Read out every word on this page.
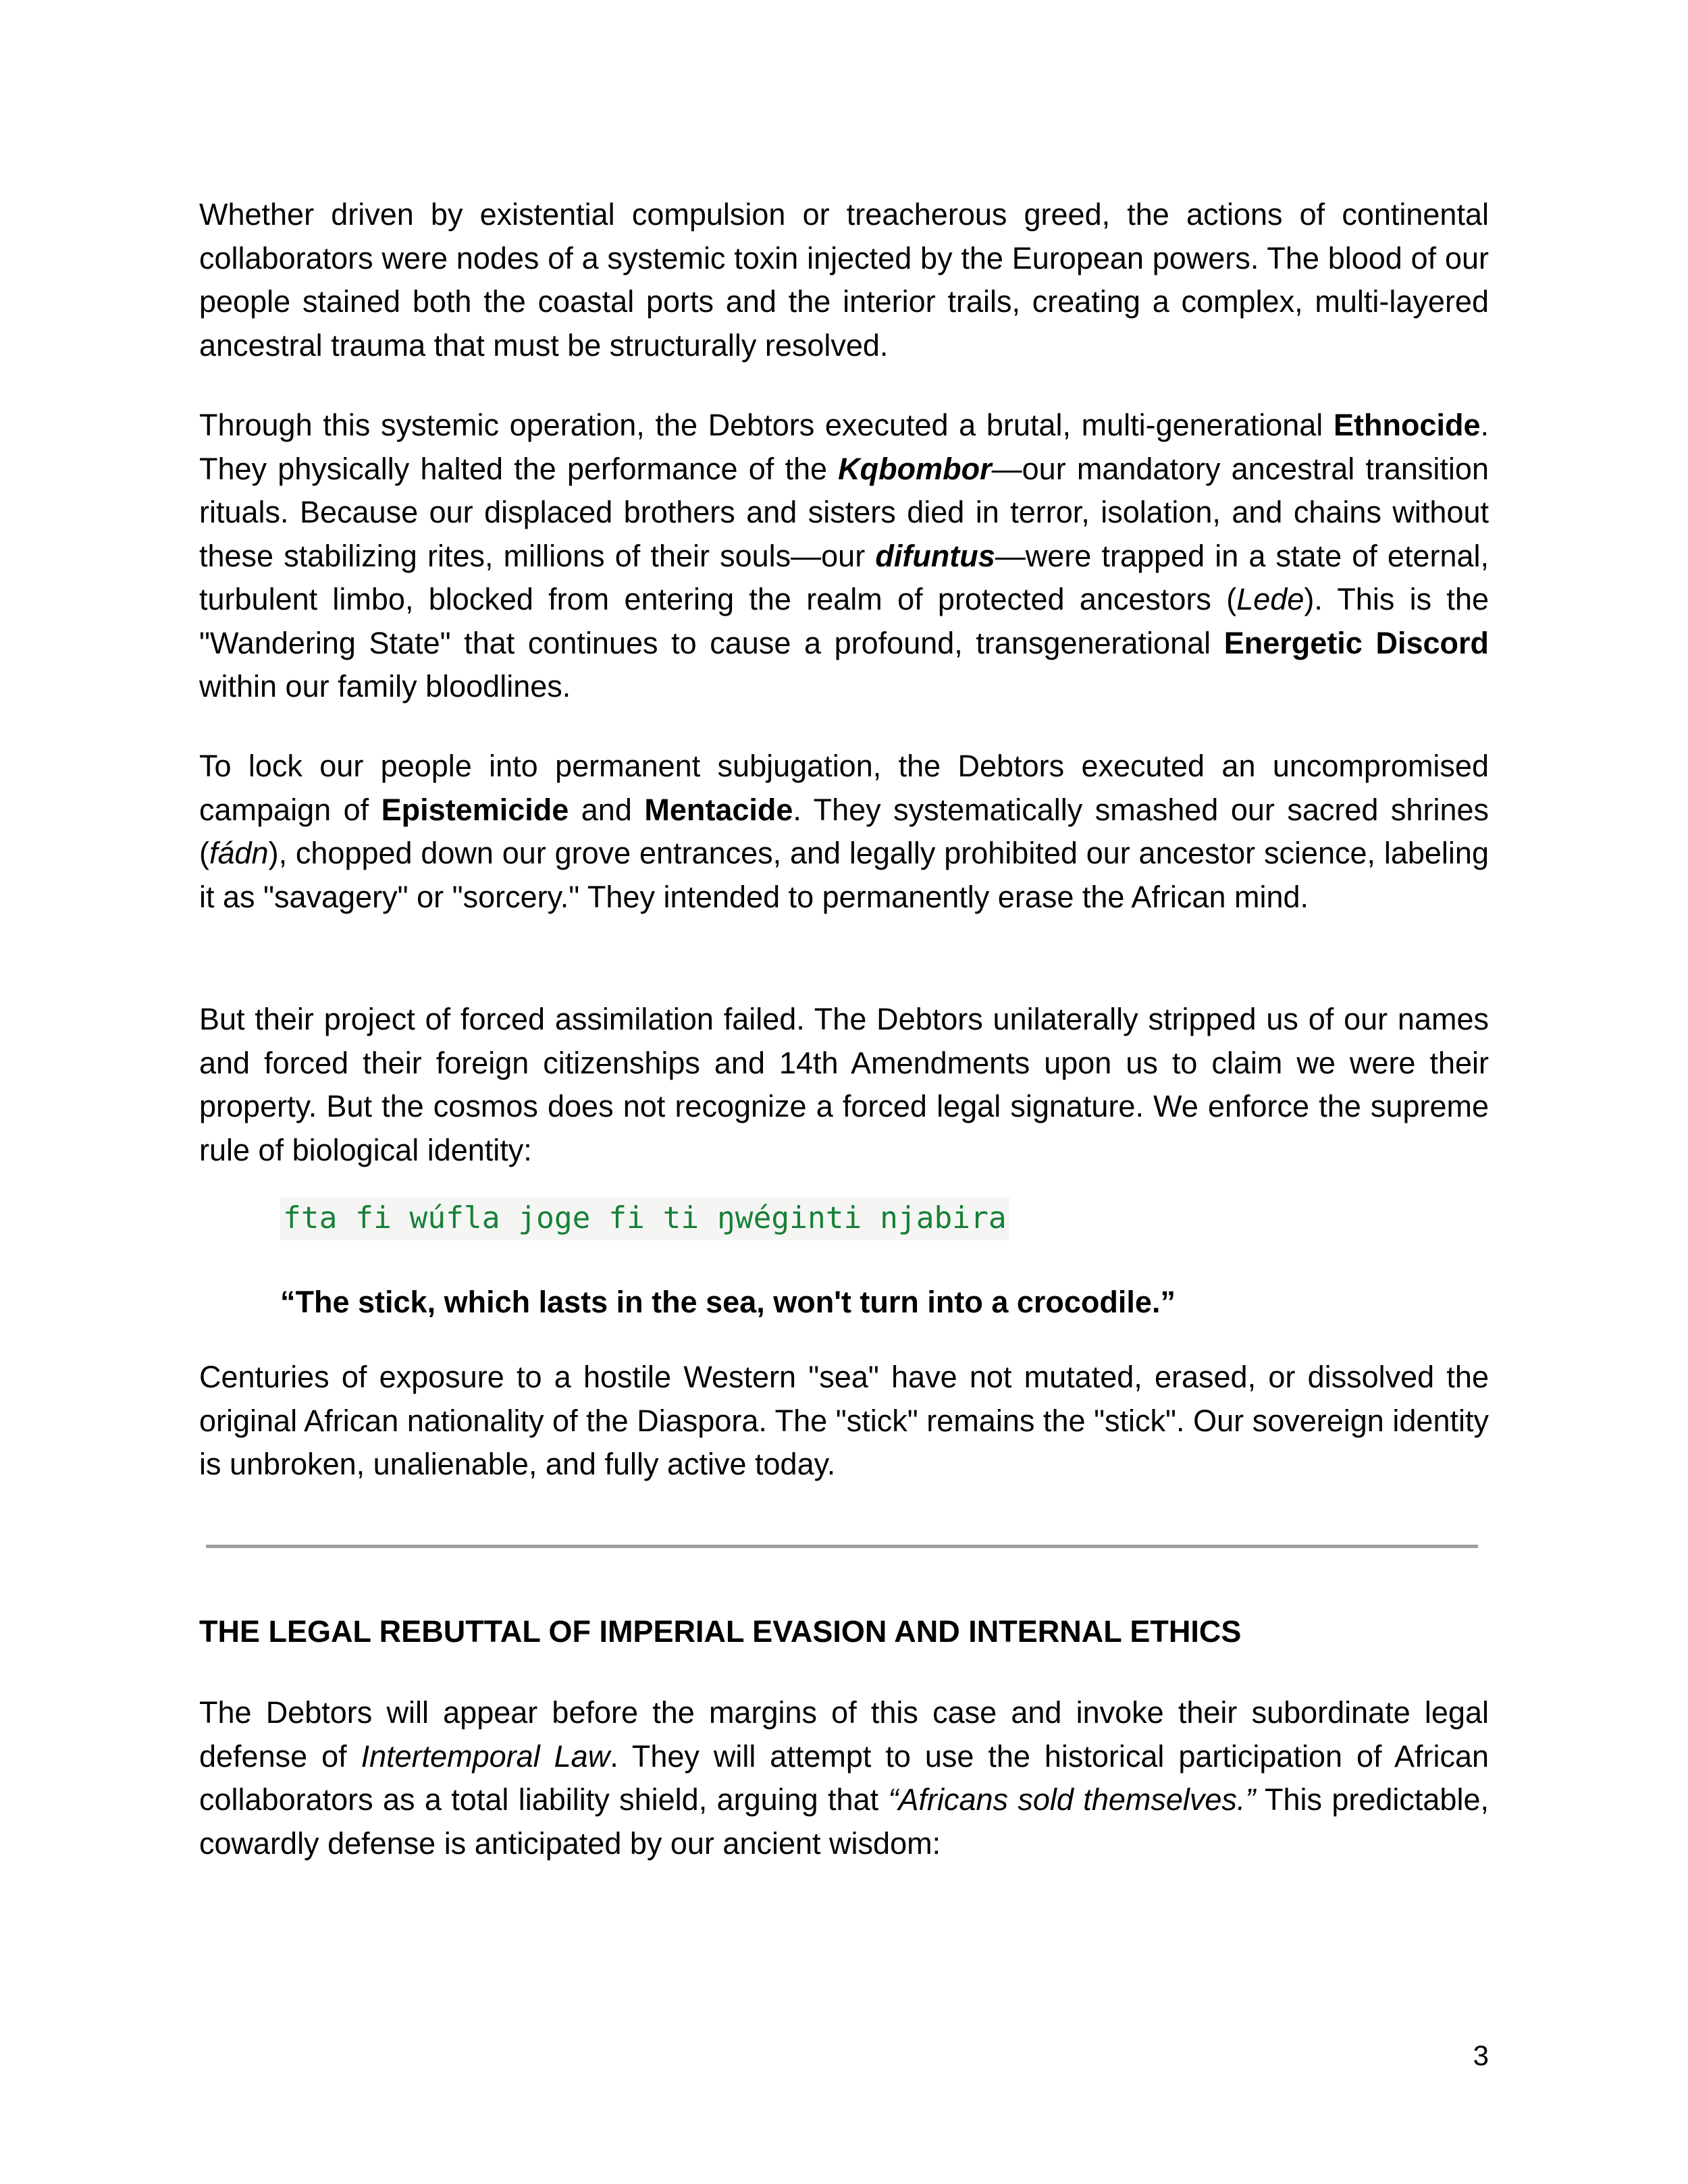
Whether driven by existential compulsion or treacherous greed, the actions of continental collaborators were nodes of a systemic toxin injected by the European powers. The blood of our people stained both the coastal ports and the interior trails, creating a complex, multi-layered ancestral trauma that must be structurally resolved.

Through this systemic operation, the Debtors executed a brutal, multi-generational Ethnocide. They physically halted the performance of the Kqbombor—our mandatory ancestral transition rituals. Because our displaced brothers and sisters died in terror, isolation, and chains without these stabilizing rites, millions of their souls—our difuntus—were trapped in a state of eternal, turbulent limbo, blocked from entering the realm of protected ancestors (Lede). This is the "Wandering State" that continues to cause a profound, transgenerational Energetic Discord within our family bloodlines.

To lock our people into permanent subjugation, the Debtors executed an uncompromised campaign of Epistemicide and Mentacide. They systematically smashed our sacred shrines (fádn), chopped down our grove entrances, and legally prohibited our ancestor science, labeling it as "savagery" or "sorcery." They intended to permanently erase the African mind.

But their project of forced assimilation failed. The Debtors unilaterally stripped us of our names and forced their foreign citizenships and 14th Amendments upon us to claim we were their property. But the cosmos does not recognize a forced legal signature. We enforce the supreme rule of biological identity:

fta fi wúfla joge fi ti ŋwéginti njabira

“The stick, which lasts in the sea, won't turn into a crocodile.”

Centuries of exposure to a hostile Western "sea" have not mutated, erased, or dissolved the original African nationality of the Diaspora. The "stick" remains the "stick". Our sovereign identity is unbroken, unalienable, and fully active today.

THE LEGAL REBUTTAL OF IMPERIAL EVASION AND INTERNAL ETHICS

The Debtors will appear before the margins of this case and invoke their subordinate legal defense of Intertemporal Law. They will attempt to use the historical participation of African collaborators as a total liability shield, arguing that “Africans sold themselves.” This predictable, cowardly defense is anticipated by our ancient wisdom:

3
